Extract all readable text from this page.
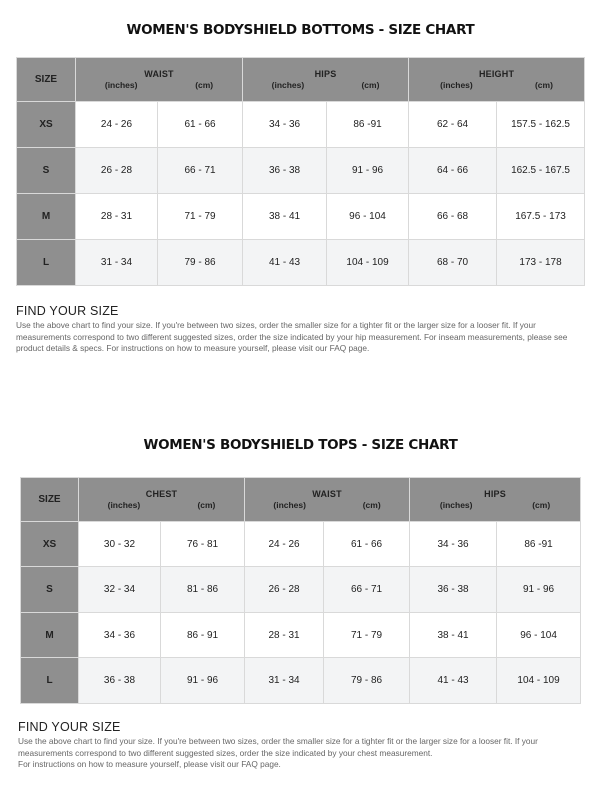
WOMEN'S BODYSHIELD BOTTOMS - SIZE CHART
SIZE	WAIST
(inches) (cm)		HIPS
(inches) (cm)		HEIGHT
(inches) (cm)	

XS	24 - 26	61 - 66	34 - 36	86 -91	62 - 64	157.5 - 162.5
S	26 - 28	66 - 71	36 - 38	91 - 96	64 - 66	162.5 - 167.5
M	28 - 31	71 - 79	38 - 41	96 - 104	66 - 68	167.5 - 173
L	31 - 34	79 - 86	41 - 43	104 - 109	68 - 70	173 - 178
FIND YOUR SIZE
Use the above chart to find your size. If you're between two sizes, order the smaller size for a tighter fit or the larger size for a looser fit. If your measurements correspond to two different suggested sizes, order the size indicated by your hip measurement. For inseam measurements, please see product details & specs. For instructions on how to measure yourself, please visit our FAQ page.
WOMEN'S BODYSHIELD TOPS - SIZE CHART
SIZE	CHEST
(inches) (cm)		WAIST
(inches) (cm)		HIPS
(inches) (cm)	

XS	30 - 32	76 - 81	24 - 26	61 - 66	34 - 36	86 -91
S	32 - 34	81 - 86	26 - 28	66 - 71	36 - 38	91 - 96
M	34 - 36	86 - 91	28 - 31	71 - 79	38 - 41	96 - 104
L	36 - 38	91 - 96	31 - 34	79 - 86	41 - 43	104 - 109
FIND YOUR SIZE
Use the above chart to find your size. If you're between two sizes, order the smaller size for a tighter fit or the larger size for a looser fit. If your measurements correspond to two different suggested sizes, order the size indicated by your chest measurement.
For instructions on how to measure yourself, please visit our FAQ page.
